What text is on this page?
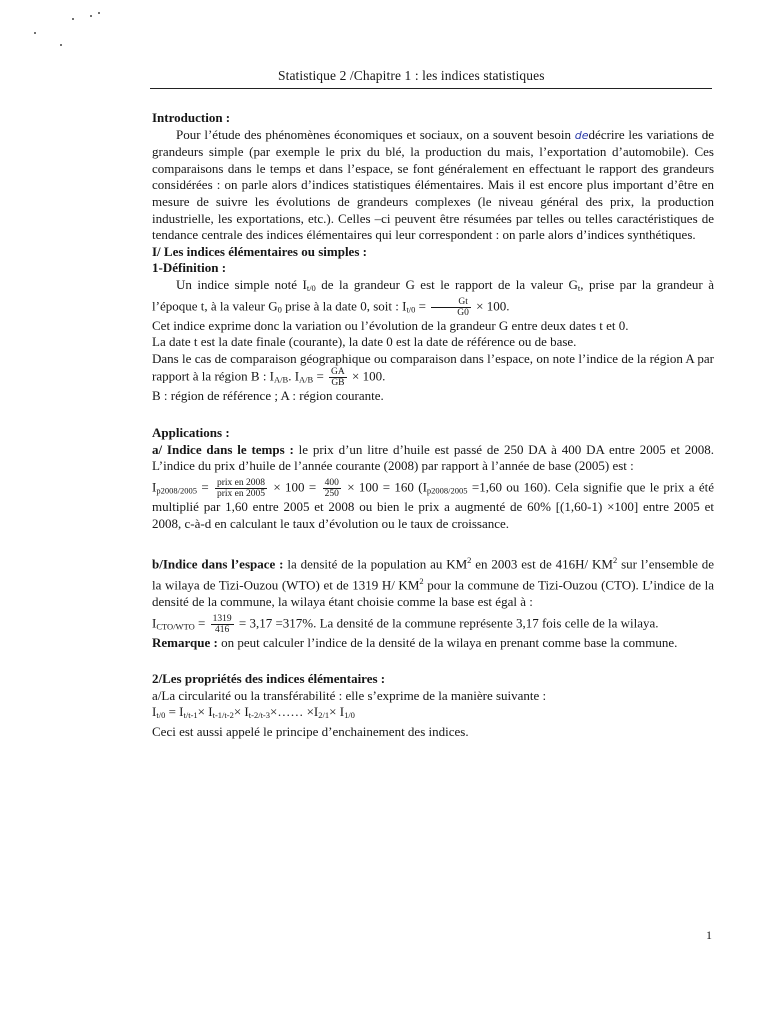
Statistique 2 /Chapitre 1 : les indices statistiques

Introduction :

Pour l’étude des phénomènes économiques et sociaux, on a souvent besoin dedécrire les variations de grandeurs simple (par exemple le prix du blé, la production du mais, l’exportation d’automobile). Ces comparaisons dans le temps et dans l’espace, se font généralement en effectuant le rapport des grandeurs considérées : on parle alors d’indices statistiques élémentaires. Mais il est encore plus important d’être en mesure de suivre les évolutions de grandeurs complexes (le niveau général des prix, la production industrielle, les exportations, etc.). Celles –ci peuvent être résumées par telles ou telles caractéristiques de tendance centrale des indices élémentaires qui leur correspondent : on parle alors d’indices synthétiques.

I/ Les indices élémentaires ou simples :

1-Définition :

Un indice simple noté $I_{t/0}$ de la grandeur G est le rapport de la valeur $G_t$, prise par la grandeur à l’époque t, à la valeur $G_0$ prise à la date 0, soit : $I_{t/0} = \frac{Gt}{G0} \times 100$.

Cet indice exprime donc la variation ou l’évolution de la grandeur G entre deux dates t et 0.

La date t est la date finale (courante), la date 0 est la date de référence ou de base.

Dans le cas de comparaison géographique ou comparaison dans l’espace, on note l’indice de la région A par rapport à la région B : $I_{A/B}$. $I_{A/B} = \frac{GA}{GB} \times 100$.

B : région de référence ; A : région courante.

Applications :

a/ Indice dans le temps : le prix d’un litre d’huile est passé de 250 DA à 400 DA entre 2005 et 2008. L’indice du prix d’huile de l’année courante (2008) par rapport à l’année de base (2005) est :

$I_{p2008/2005} = \frac{\text{prix en 2008}}{\text{prix en 2005}} \times 100 = \frac{400}{250} \times 100 = 160$ ($I_{p2008/2005} =1,60$ ou 160). Cela signifie que le prix a été multiplié par 1,60 entre 2005 et 2008 ou bien le prix a augmenté de 60% [(1,60-1) ×100] entre 2005 et 2008, c-à-d en calculant le taux d’évolution ou le taux de croissance.

b/Indice dans l’espace : la densité de la population au $KM^2$ en 2003 est de 416H/ $KM^2$ sur l’ensemble de la wilaya de Tizi-Ouzou (WTO) et de 1319 H/ $KM^2$ pour la commune de Tizi-Ouzou (CTO). L’indice de la densité de la commune, la wilaya étant choisie comme la base est égal à :

$I_{CTO/WTO} = \frac{1319}{416} = 3,17 =317\%$. La densité de la commune représente 3,17 fois celle de la wilaya.

Remarque : on peut calculer l’indice de la densité de la wilaya en prenant comme base la commune.

2/Les propriétés des indices élémentaires :

a/La circularité ou la transférabilité : elle s’exprime de la manière suivante :

$I_{t/0} = I_{t/t-1}\times I_{t-1/t-2}\times$ $I_{t-2/t-3}\times\dots\dots \times I_{2/1}\times I_{1/0}$

Ceci est aussi appelé le principe d’enchainement des indices.

1
